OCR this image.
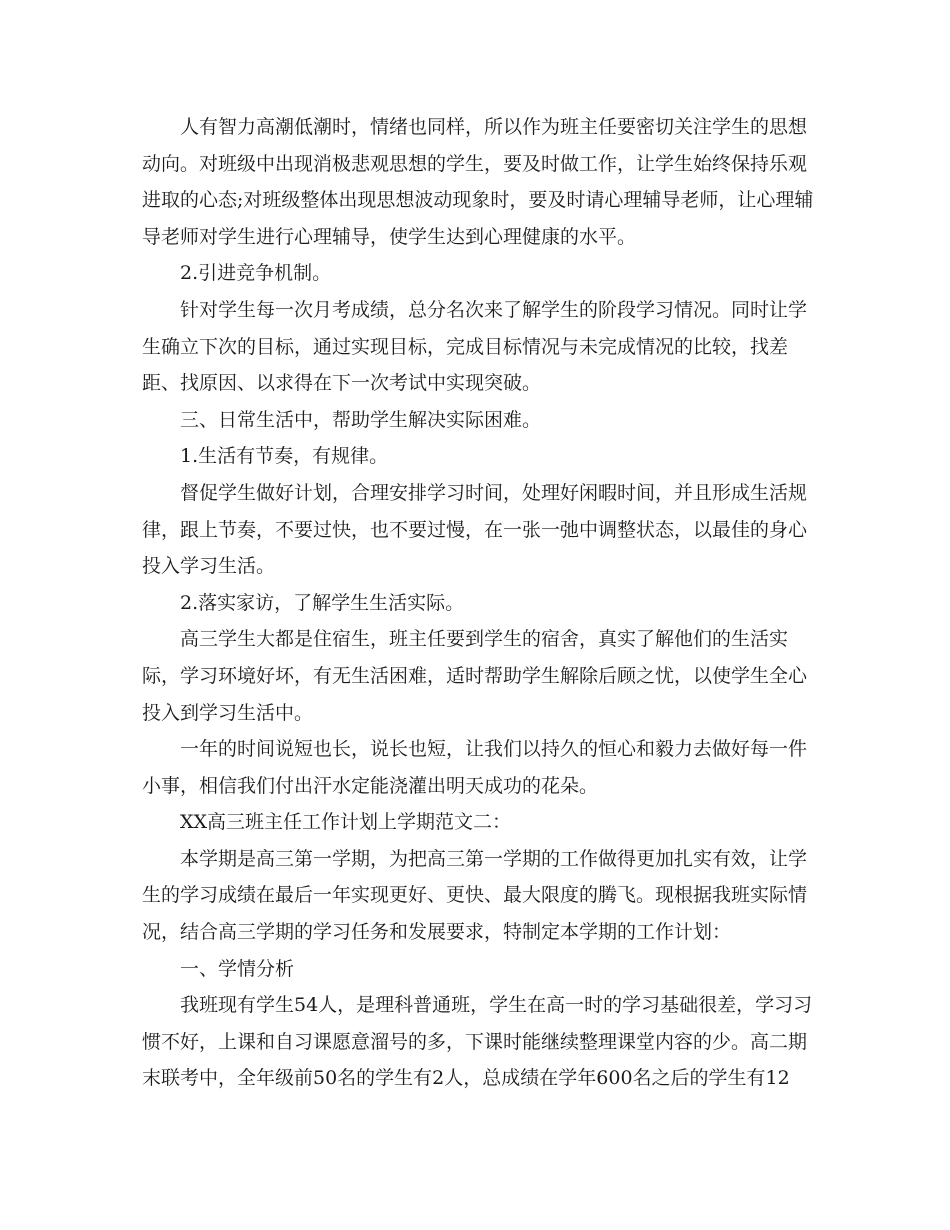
人有智力高潮低潮时，情绪也同样，所以作为班主任要密切关注学生的思想
动向。对班级中出现消极悲观思想的学生，要及时做工作，让学生始终保持乐观
进取的心态;对班级整体出现思想波动现象时，要及时请心理辅导老师，让心理辅
导老师对学生进行心理辅导，使学生达到心理健康的水平。
2.引进竞争机制。
针对学生每一次月考成绩，总分名次来了解学生的阶段学习情况。同时让学
生确立下次的目标，通过实现目标，完成目标情况与未完成情况的比较，找差
距、找原因、以求得在下一次考试中实现突破。
三、日常生活中，帮助学生解决实际困难。
1.生活有节奏，有规律。
督促学生做好计划，合理安排学习时间，处理好闲暇时间，并且形成生活规
律，跟上节奏，不要过快，也不要过慢，在一张一弛中调整状态，以最佳的身心
投入学习生活。
2.落实家访，了解学生生活实际。
高三学生大都是住宿生，班主任要到学生的宿舍，真实了解他们的生活实
际，学习环境好坏，有无生活困难，适时帮助学生解除后顾之忧，以使学生全心
投入到学习生活中。
一年的时间说短也长，说长也短，让我们以持久的恒心和毅力去做好每一件
小事，相信我们付出汗水定能浇灌出明天成功的花朵。
XX高三班主任工作计划上学期范文二：
本学期是高三第一学期，为把高三第一学期的工作做得更加扎实有效，让学
生的学习成绩在最后一年实现更好、更快、最大限度的腾飞。现根据我班实际情
况，结合高三学期的学习任务和发展要求，特制定本学期的工作计划：
一、学情分析
我班现有学生54人，是理科普通班，学生在高一时的学习基础很差，学习习
惯不好，上课和自习课愿意溜号的多，下课时能继续整理课堂内容的少。高二期
末联考中，全年级前50名的学生有2人，总成绩在学年600名之后的学生有12
